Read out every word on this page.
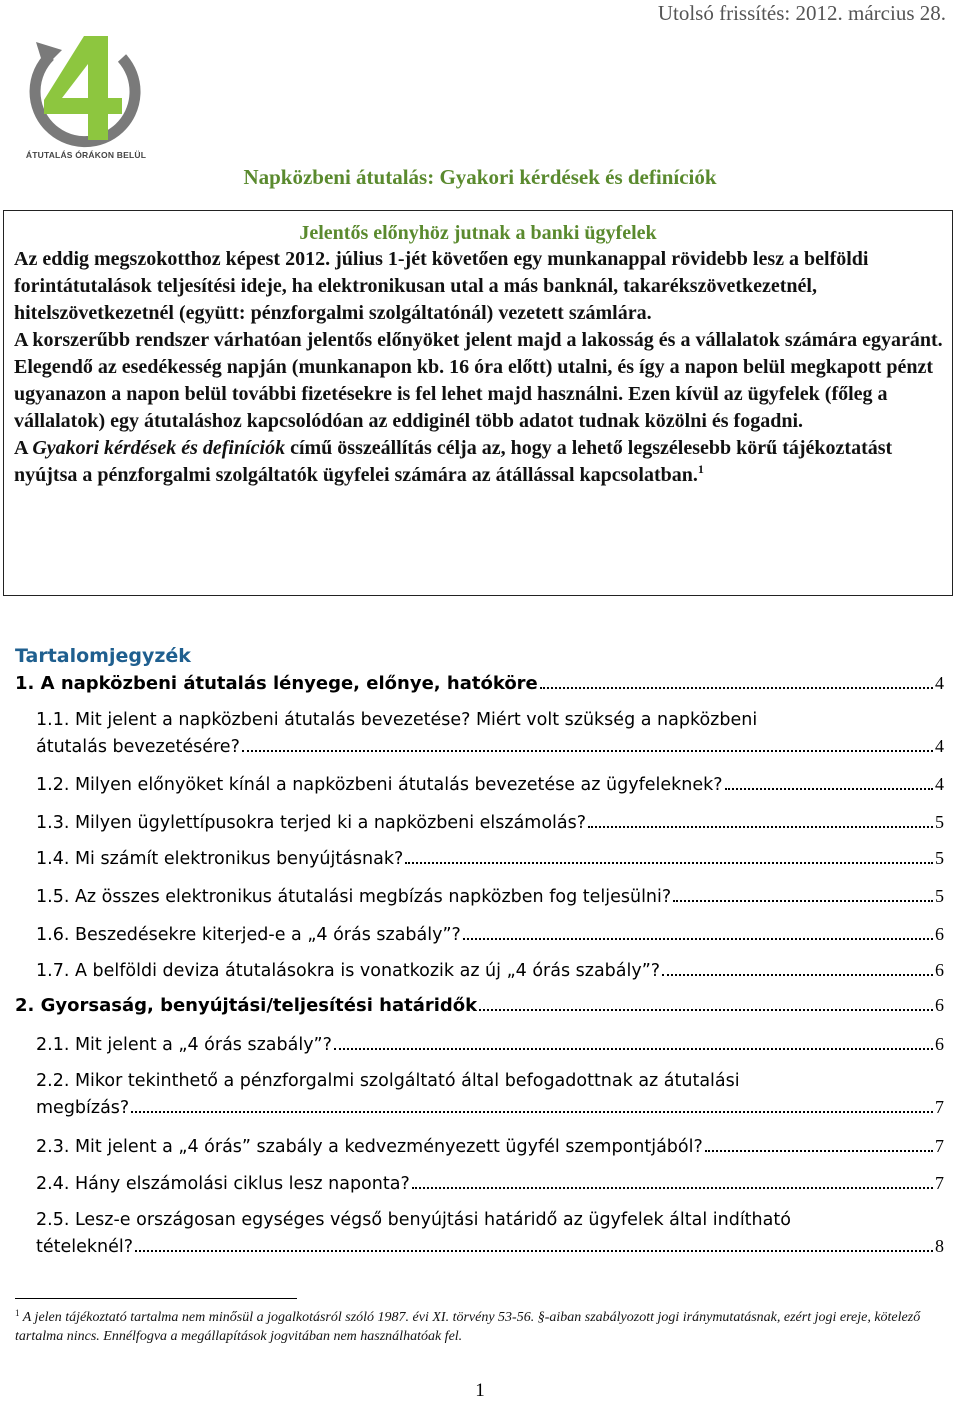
Utolsó frissítés: 2012. március 28.
ÁTUTALÁS ÓRÁKON BELÜL
Napközbeni átutalás: Gyakori kérdések és definíciók
Jelentős előnyhöz jutnak a banki ügyfelek

Az eddig megszokotthoz képest 2012. július 1-jét követően egy munkanappal rövidebb lesz a belföldi forintátutalások teljesítési ideje, ha elektronikusan utal a más banknál, takarékszövetkezetnél, hitelszövetkezetnél (együtt: pénzforgalmi szolgáltatónál) vezetett számlára.

A korszerűbb rendszer várhatóan jelentős előnyöket jelent majd a lakosság és a vállalatok számára egyaránt. Elegendő az esedékesség napján (munkanapon kb. 16 óra előtt) utalni, és így a napon belül megkapott pénzt ugyanazon a napon belül további fizetésekre is fel lehet majd használni. Ezen kívül az ügyfelek (főleg a vállalatok) egy átutaláshoz kapcsolódóan az eddiginél több adatot tudnak közölni és fogadni.

A Gyakori kérdések és definíciók című összeállítás célja az, hogy a lehető legszélesebb körű tájékoztatást nyújtsa a pénzforgalmi szolgáltatók ügyfelei számára az átállással kapcsolatban.$^1$

Tartalomjegyzék
1. A napközbeni átutalás lényege, előnye, hatóköre	4
1.1. Mit jelent a napközbeni átutalás bevezetése? Miért volt szükség a napközbeni
átutalás bevezetésére?	4
1.2. Milyen előnyöket kínál a napközbeni átutalás bevezetése az ügyfeleknek?	4
1.3. Milyen ügylettípusokra terjed ki a napközbeni elszámolás?	5
1.4. Mi számít elektronikus benyújtásnak?	5
1.5. Az összes elektronikus átutalási megbízás napközben fog teljesülni?	5
1.6. Beszedésekre kiterjed-e a „4 órás szabály”?	6
1.7. A belföldi deviza átutalásokra is vonatkozik az új „4 órás szabály”?	6
2. Gyorsaság, benyújtási/teljesítési határidők	6
2.1. Mit jelent a „4 órás szabály”?	6
2.2. Mikor tekinthető a pénzforgalmi szolgáltató által befogadottnak az átutalási
megbízás?	7
2.3. Mit jelent a „4 órás” szabály a kedvezményezett ügyfél szempontjából?	7
2.4. Hány elszámolási ciklus lesz naponta?	7
2.5. Lesz-e országosan egységes végső benyújtási határidő az ügyfelek által indítható
tételeknél?	8
$^1$ A jelen tájékoztató tartalma nem minősül a jogalkotásról szóló 1987. évi XI. törvény 53-56. §-aiban szabályozott jogi iránymutatásnak, ezért jogi ereje, kötelező tartalma nincs. Ennélfogva a megállapítások jogvitában nem használhatóak fel.
1
